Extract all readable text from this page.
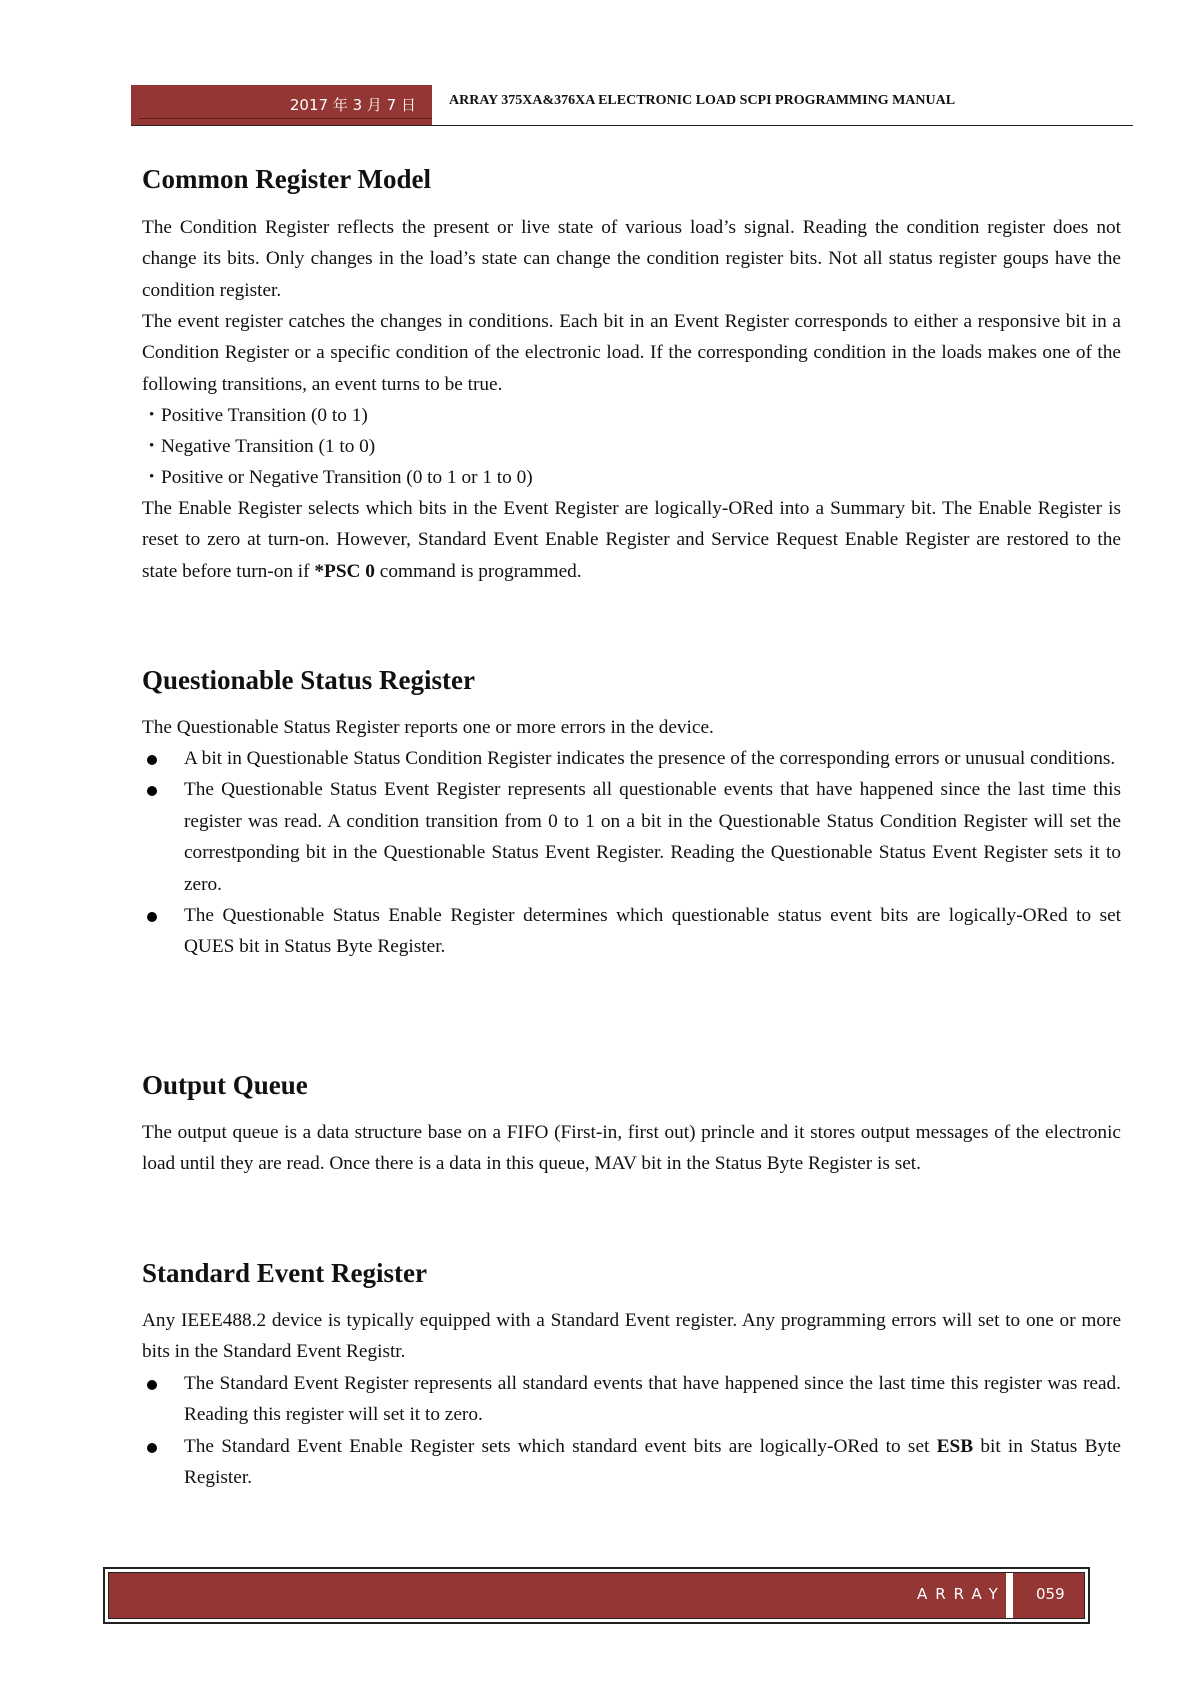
2017 年 3 月 7 日	ARRAY 375XA&376XA ELECTRONIC LOAD SCPI PROGRAMMING MANUAL
Common Register Model

The Condition Register reflects the present or live state of various load’s signal. Reading the condition register does not change its bits. Only changes in the load’s state can change the condition register bits. Not all status register goups have the condition register.

The event register catches the changes in conditions. Each bit in an Event Register corresponds to either a responsive bit in a Condition Register or a specific condition of the electronic load. If the corresponding condition in the loads makes one of the following transitions, an event turns to be true.

・Positive Transition (0 to 1)

・Negative Transition (1 to 0)

・Positive or Negative Transition (0 to 1 or 1 to 0)

The Enable Register selects which bits in the Event Register are logically-ORed into a Summary bit. The Enable Register is reset to zero at turn-on. However, Standard Event Enable Register and Service Request Enable Register are restored to the state before turn-on if *PSC 0 command is programmed.

Questionable Status Register

The Questionable Status Register reports one or more errors in the device.

A bit in Questionable Status Condition Register indicates the presence of the corresponding errors or unusual conditions.
The Questionable Status Event Register represents all questionable events that have happened since the last time this register was read. A condition transition from 0 to 1 on a bit in the Questionable Status Condition Register will set the correstponding bit in the Questionable Status Event Register. Reading the Questionable Status Event Register sets it to zero.
The Questionable Status Enable Register determines which questionable status event bits are logically-ORed to set QUES bit in Status Byte Register.
Output Queue

The output queue is a data structure base on a FIFO (First-in, first out) princle and it stores output messages of the electronic load until they are read. Once there is a data in this queue, MAV bit in the Status Byte Register is set.

Standard Event Register

Any IEEE488.2 device is typically equipped with a Standard Event register. Any programming errors will set to one or more bits in the Standard Event Registr.

The Standard Event Register represents all standard events that have happened since the last time this register was read. Reading this register will set it to zero.
The Standard Event Enable Register sets which standard event bits are logically-ORed to set ESB bit in Status Byte Register.
ARRAY 059
